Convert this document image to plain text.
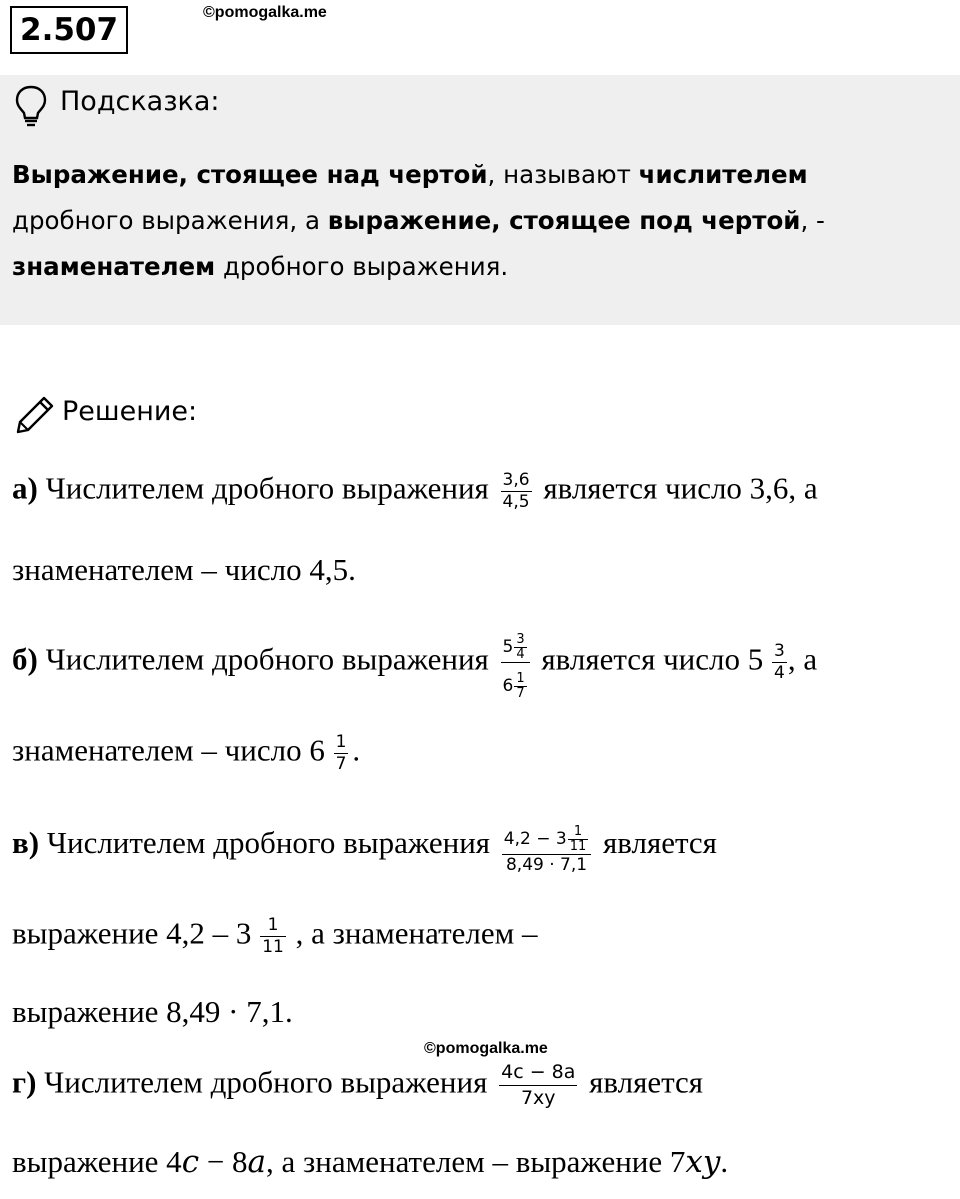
2.507	©pomogalka.me
Подсказка:
Выражение, стоящее над чертой, называют числителем
дробного выражения, а выражение, стоящее под чертой, -
знаменателем дробного выражения.
Решение:
а) Числителем дробного выражения $\frac{3,6}{4,5}$ является число 3,6, а
знаменателем – число 4,5.
б) Числителем дробного выражения $\frac{5 \frac{3}{4}}{6 \frac{1}{7}}$ является число $5 \frac{3}{4}$ , а
знаменателем – число $6 \frac{1}{7}$ .
в) Числителем дробного выражения $\frac{4,2 - 3 \frac{1}{11}}{8,49 \cdot 7,1}$ является
выражение $4,2 - 3 \frac{1}{11}$ , а знаменателем –
выражение 8,49 · 7,1.
©pomogalka.me
г) Числителем дробного выражения $\frac{4c - 8a}{7xy}$ является
выражение 4c − 8a, а знаменателем – выражение 7xy.
